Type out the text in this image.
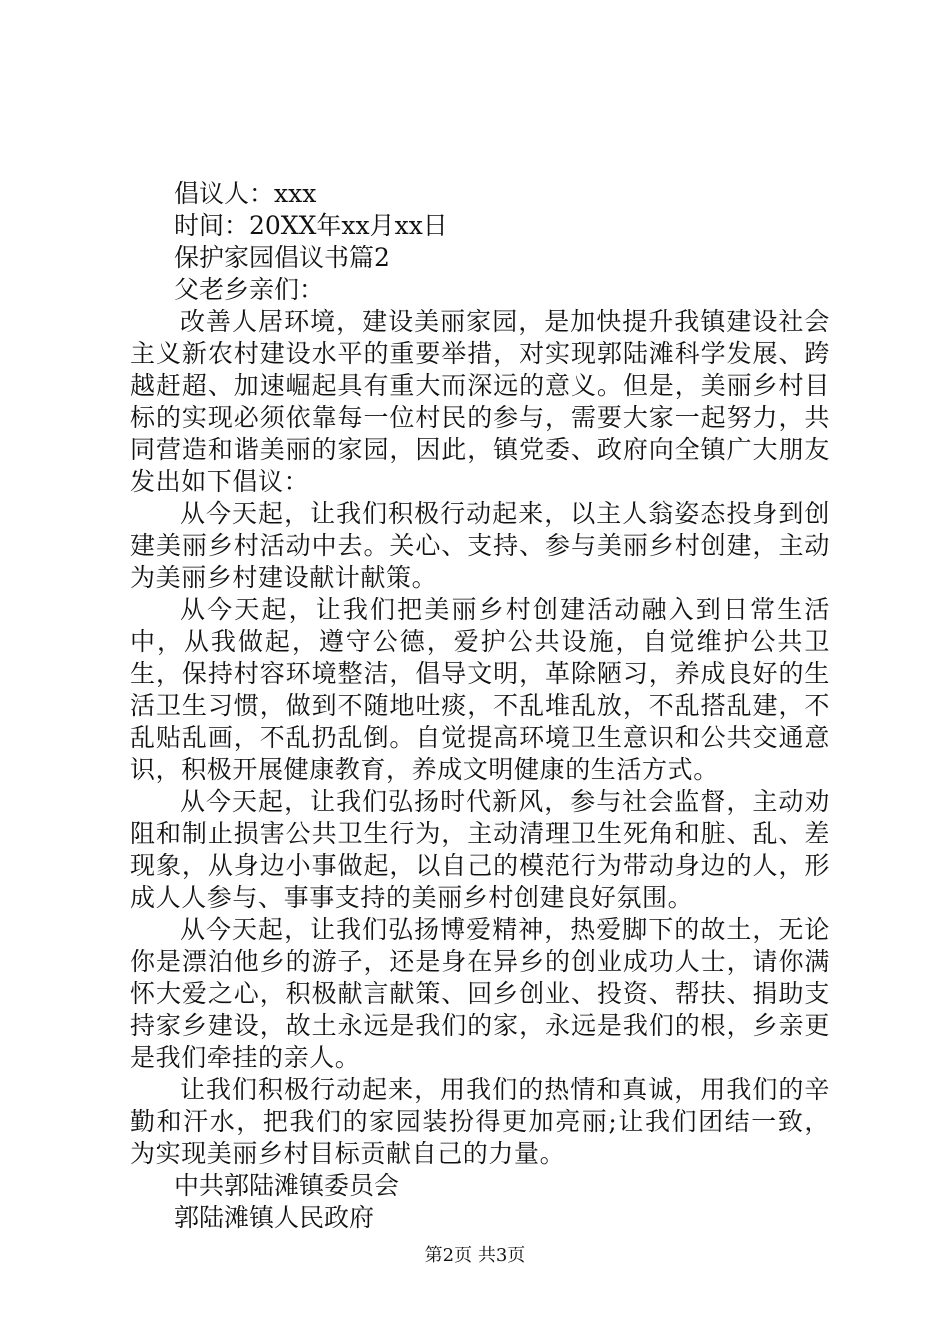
倡议人：xxx

时间：20XX年xx月xx日

保护家园倡议书篇2

父老乡亲们：

改善人居环境，建设美丽家园，是加快提升我镇建设社会主义新农村建设水平的重要举措，对实现郭陆滩科学发展、跨越赶超、加速崛起具有重大而深远的意义。但是，美丽乡村目标的实现必须依靠每一位村民的参与，需要大家一起努力，共同营造和谐美丽的家园，因此，镇党委、政府向全镇广大朋友发出如下倡议：

从今天起，让我们积极行动起来，以主人翁姿态投身到创建美丽乡村活动中去。关心、支持、参与美丽乡村创建，主动为美丽乡村建设献计献策。

从今天起，让我们把美丽乡村创建活动融入到日常生活中，从我做起，遵守公德，爱护公共设施，自觉维护公共卫生，保持村容环境整洁，倡导文明，革除陋习，养成良好的生活卫生习惯，做到不随地吐痰，不乱堆乱放，不乱搭乱建，不乱贴乱画，不乱扔乱倒。自觉提高环境卫生意识和公共交通意识，积极开展健康教育，养成文明健康的生活方式。

从今天起，让我们弘扬时代新风，参与社会监督，主动劝阻和制止损害公共卫生行为，主动清理卫生死角和脏、乱、差现象，从身边小事做起，以自己的模范行为带动身边的人，形成人人参与、事事支持的美丽乡村创建良好氛围。

从今天起，让我们弘扬博爱精神，热爱脚下的故土，无论你是漂泊他乡的游子，还是身在异乡的创业成功人士，请你满怀大爱之心，积极献言献策、回乡创业、投资、帮扶、捐助支持家乡建设，故土永远是我们的家，永远是我们的根，乡亲更是我们牵挂的亲人。

让我们积极行动起来，用我们的热情和真诚，用我们的辛勤和汗水，把我们的家园装扮得更加亮丽;让我们团结一致，为实现美丽乡村目标贡献自己的力量。

中共郭陆滩镇委员会

郭陆滩镇人民政府

第2页 共3页
